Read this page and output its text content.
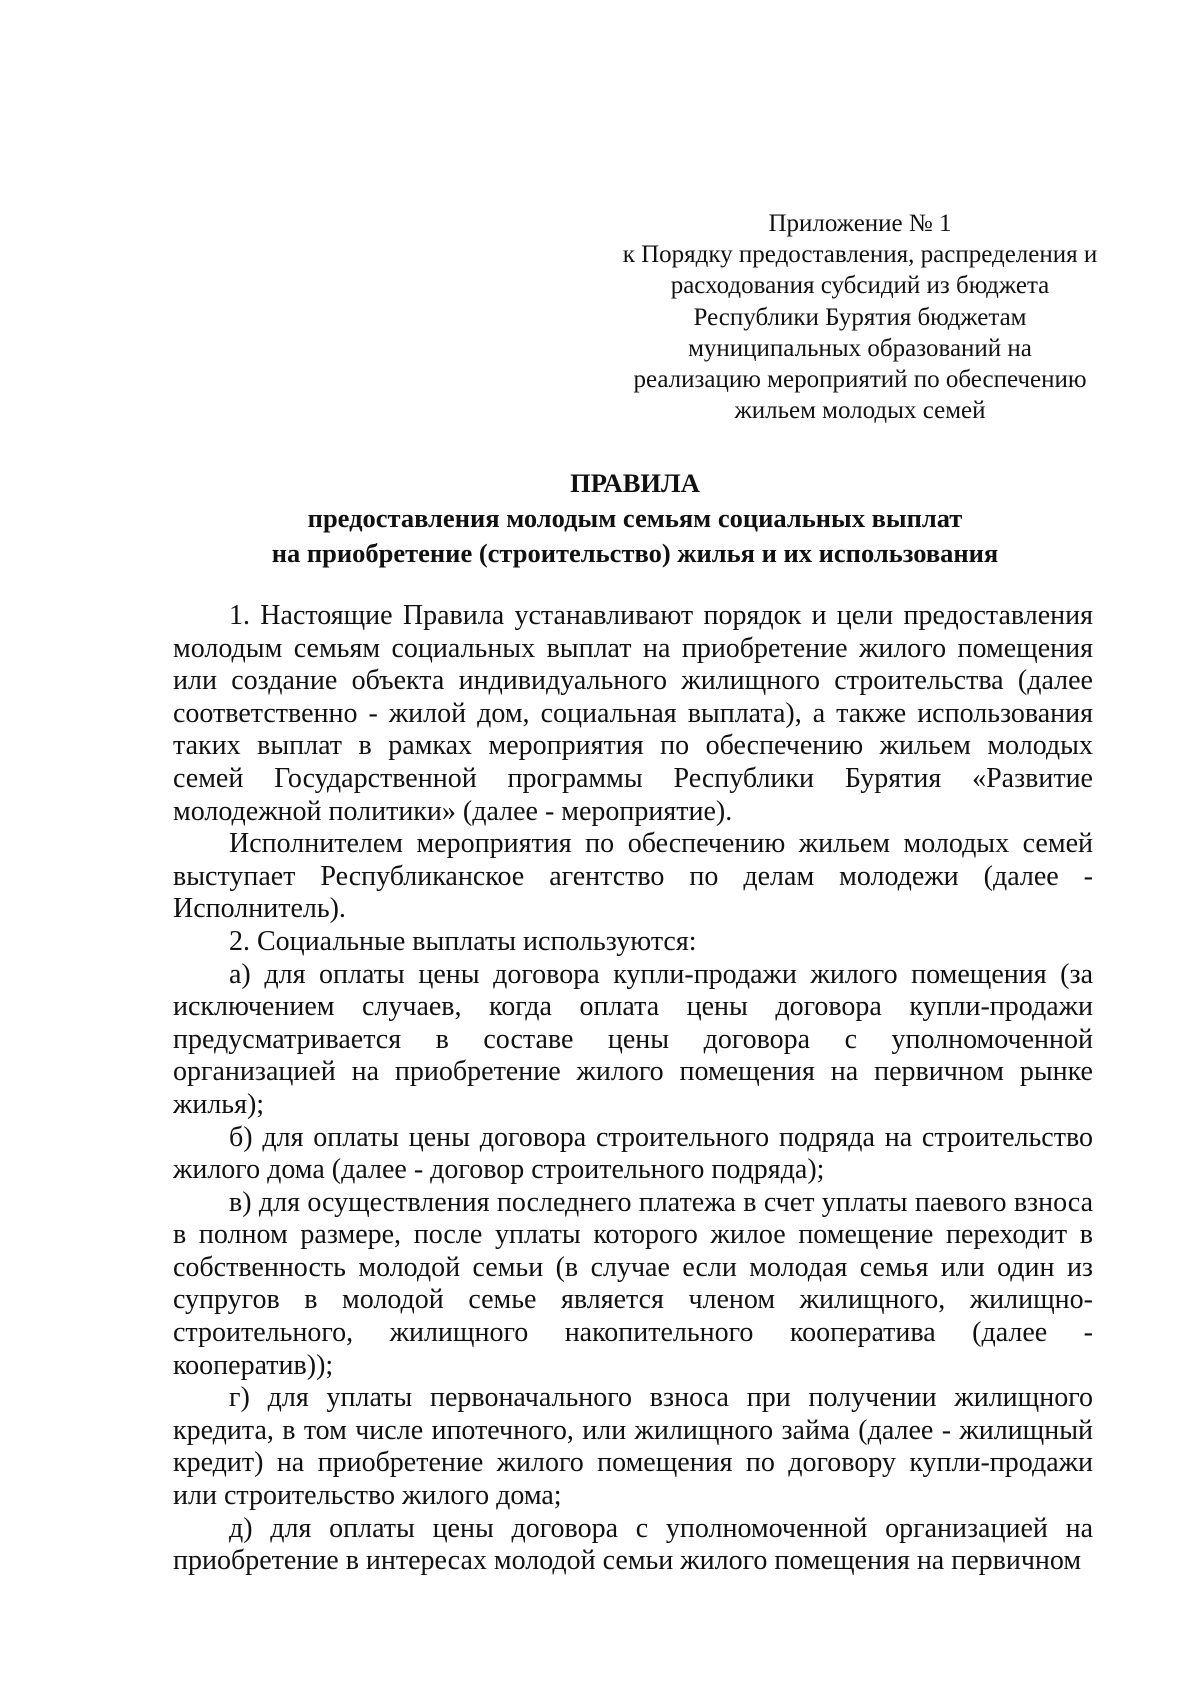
Приложение № 1
к Порядку предоставления, распределения и
расходования субсидий из бюджета
Республики Бурятия бюджетам
муниципальных образований на
реализацию мероприятий по обеспечению
жильем молодых семей
ПРАВИЛА
предоставления молодым семьям социальных выплат
на приобретение (строительство) жилья и их использования

1. Настоящие Правила устанавливают порядок и цели предоставления молодым семьям социальных выплат на приобретение жилого помещения или создание объекта индивидуального жилищного строительства (далее соответственно - жилой дом, социальная выплата), а также использования таких выплат в рамках мероприятия по обеспечению жильем молодых семей Государственной программы Республики Бурятия «Развитие молодежной политики» (далее - мероприятие).

Исполнителем мероприятия по обеспечению жильем молодых семей выступает Республиканское агентство по делам молодежи (далее - Исполнитель).

2. Социальные выплаты используются:

а) для оплаты цены договора купли-продажи жилого помещения (за исключением случаев, когда оплата цены договора купли-продажи предусматривается в составе цены договора с уполномоченной организацией на приобретение жилого помещения на первичном рынке жилья);

б) для оплаты цены договора строительного подряда на строительство жилого дома (далее - договор строительного подряда);

в) для осуществления последнего платежа в счет уплаты паевого взноса в полном размере, после уплаты которого жилое помещение переходит в собственность молодой семьи (в случае если молодая семья или один из супругов в молодой семье является членом жилищного, жилищно-строительного, жилищного накопительного кооператива (далее - кооператив));

г) для уплаты первоначального взноса при получении жилищного кредита, в том числе ипотечного, или жилищного займа (далее - жилищный кредит) на приобретение жилого помещения по договору купли-продажи или строительство жилого дома;

д) для оплаты цены договора с уполномоченной организацией на приобретение в интересах молодой семьи жилого помещения на первичном
